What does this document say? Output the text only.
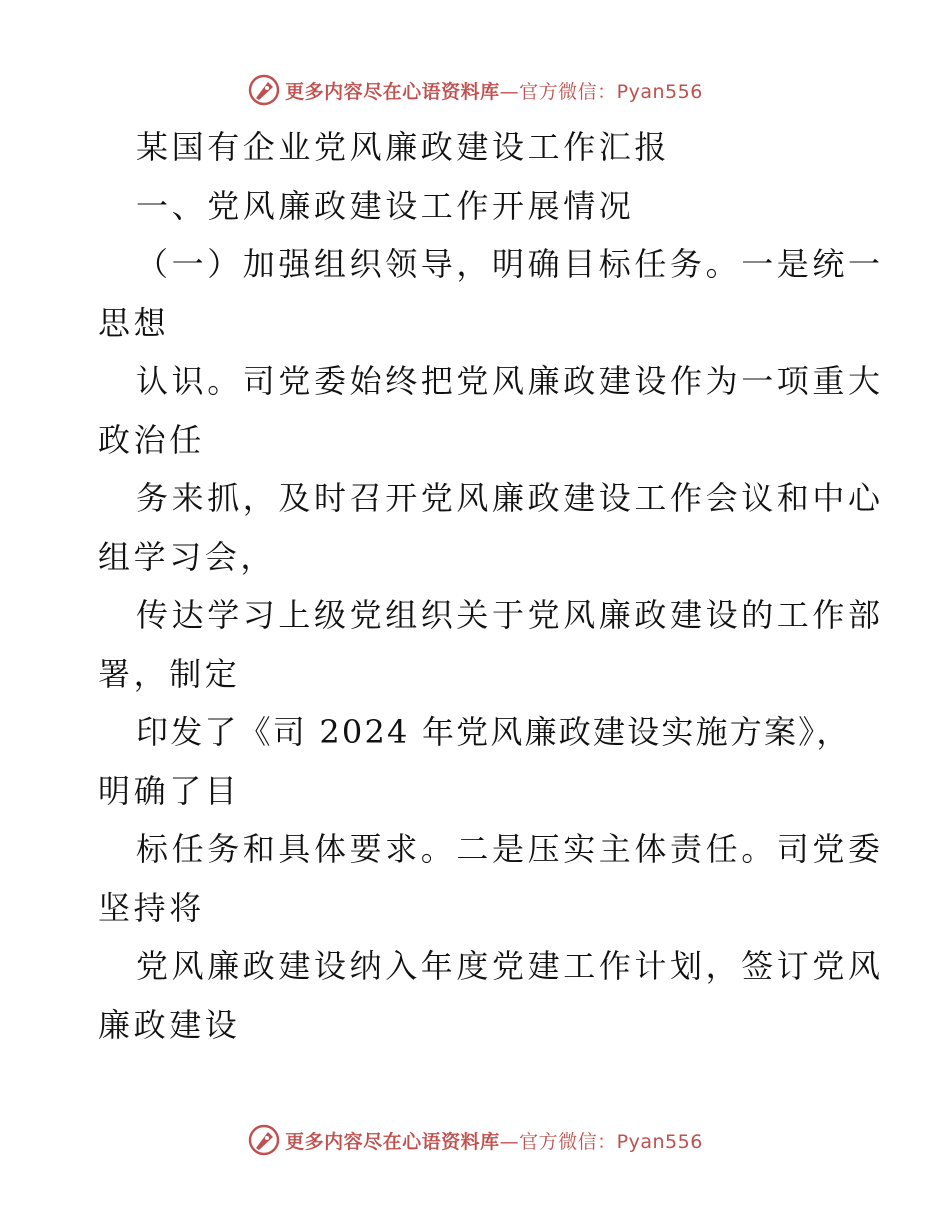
更多内容尽在心语资料库—官方微信：Pyan556
某国有企业党风廉政建设工作汇报
一、党风廉政建设工作开展情况
（一）加强组织领导，明确目标任务。一是统一
思想
认识。司党委始终把党风廉政建设作为一项重大
政治任
务来抓，及时召开党风廉政建设工作会议和中心
组学习会，
传达学习上级党组织关于党风廉政建设的工作部
署，制定
印发了《司 2024 年党风廉政建设实施方案》，
明确了目
标任务和具体要求。二是压实主体责任。司党委
坚持将
党风廉政建设纳入年度党建工作计划，签订党风
廉政建设
更多内容尽在心语资料库—官方微信：Pyan556
